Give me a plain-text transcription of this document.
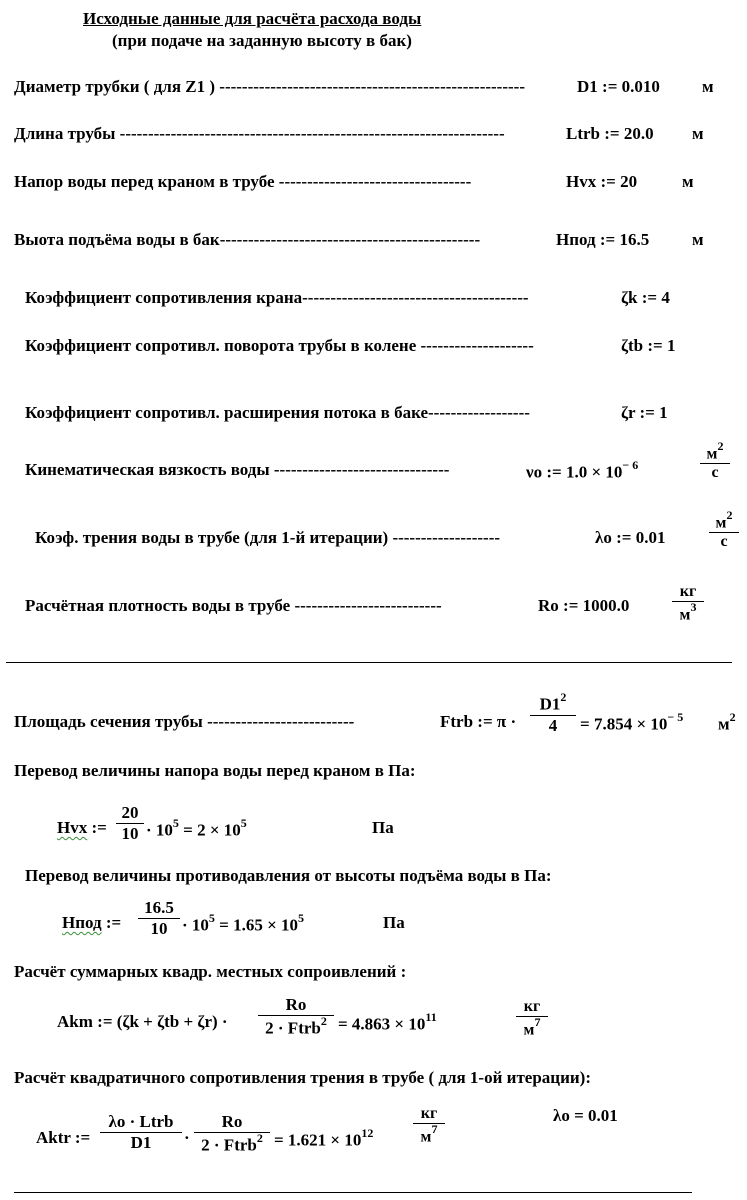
Исходные данные для расчёта расхода воды
(при подаче на заданную высоту в бак)
Диаметр трубки ( для Z1 ) ------------------------------------------------------	D1 := 0.010 м
Длина трубы --------------------------------------------------------------------	Ltrb := 20.0 м
Напор воды перед краном в трубе ----------------------------------	Hvx := 20	м
Выота подъёма воды в бак----------------------------------------------	Hпод := 16.5	м
Коэффициент сопротивления крана----------------------------------------	ζk := 4
Коэффициент сопротивл. поворота трубы в колене --------------------	ζtb := 1
Коэффициент сопротивл. расширения потока в баке------------------	ζr := 1
Кинематическая вязкость воды -------------------------------	νo := $1.0 \times 10^{- 6}$
$м^2$
с
Коэф. трения воды в трубе (для 1-й итерации) -------------------	λo := 0.01
$м^2$
с
Расчётная плотность воды в трубе --------------------------	Ro := 1000.0
кг
$м^3$
Площадь сечения трубы --------------------------	Ftrb := $\pi \cdot \frac{D1^2}{4} = 7.854 \times 10^{- 5}$ $м^2$
Перевод величины напора воды перед краном в Па:
Hvx := $\frac{20}{10} \cdot 10^5 = 2 \times 10^5$	Па
Перевод величины противодавления от высоты подъёма воды в Па:
Hпод := $\frac{16.5}{10} \cdot 10^5 = 1.65 \times 10^5$	Па
Расчёт суммарных квадр. местных сопроивлений :
Akm := (ζk + ζtb + ζr) ·
Ro
2 · Ftrb$^2$ = $4.863 \times 10^{11}$
кг
$м^7$
Расчёт квадратичного сопротивления трения в трубе ( для 1-ой итерации):
Aktr :=
λo · Ltrb
D1	·
Ro
2 · Ftrb$^2$ = $1.621 \times 10^{12}$
кг
$м^7$
λo = 0.01
